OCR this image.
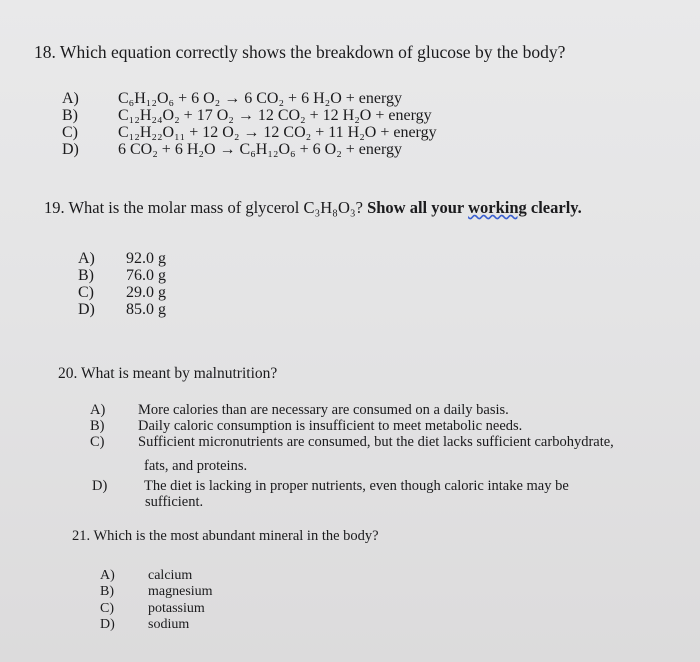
18. Which equation correctly shows the breakdown of glucose by the body?
A)	C₆H₁₂O₆ + 6 O₂ → 6 CO₂ + 6 H₂O + energy
B)	C₁₂H₂₄O₂ + 17 O₂ → 12 CO₂ + 12 H₂O + energy
C)	C₁₂H₂₂O₁₁ + 12 O₂ → 12 CO₂ + 11 H₂O + energy
D)	6 CO₂ + 6 H₂O → C₆H₁₂O₆ + 6 O₂ + energy
19. What is the molar mass of glycerol C₃H₈O₃? Show all your working clearly.
A) 92.0 g
B) 76.0 g
C) 29.0 g
D) 85.0 g
20. What is meant by malnutrition?
A) More calories than are necessary are consumed on a daily basis.
B) Daily caloric consumption is insufficient to meet metabolic needs.
C) Sufficient micronutrients are consumed, but the diet lacks sufficient carbohydrate,
fats, and proteins.
D)	The diet is lacking in proper nutrients, even though caloric intake may be
sufficient.
21. Which is the most abundant mineral in the body?
A) calcium
B) magnesium
C) potassium
D) sodium
